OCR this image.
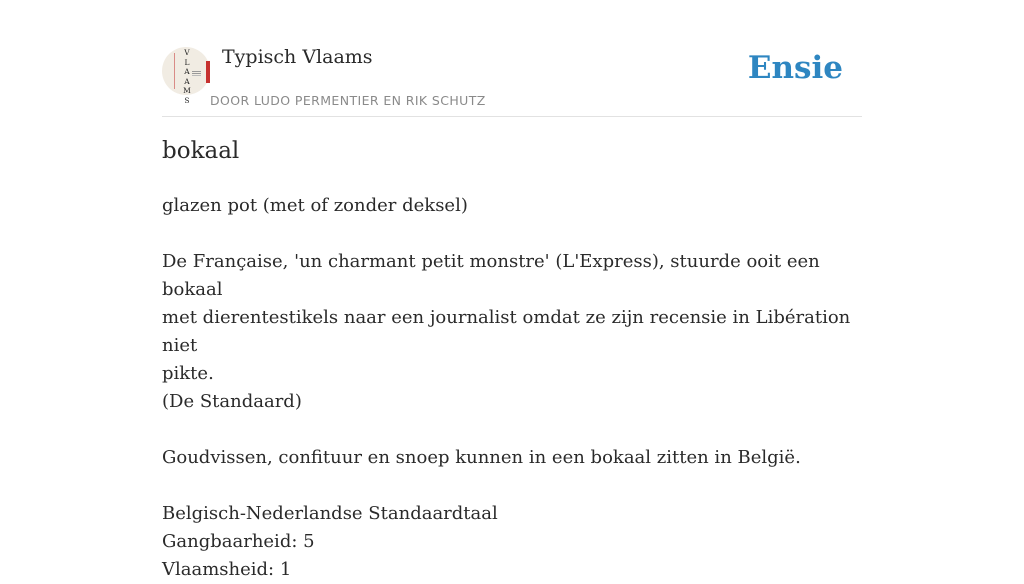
V
L
A
A
M
S
Typisch Vlaams
DOOR LUDO PERMENTIER EN RIK SCHUTZ
Ensie
bokaal

glazen pot (met of zonder deksel)

De Française, 'un charmant petit monstre' (L'Express), stuurde ooit een bokaal

met dierentestikels naar een journalist omdat ze zijn recensie in Libération niet

pikte.

(De Standaard)

Goudvissen, confituur en snoep kunnen in een bokaal zitten in België.

Belgisch-Nederlandse Standaardtaal

Gangbaarheid: 5

Vlaamsheid: 1
